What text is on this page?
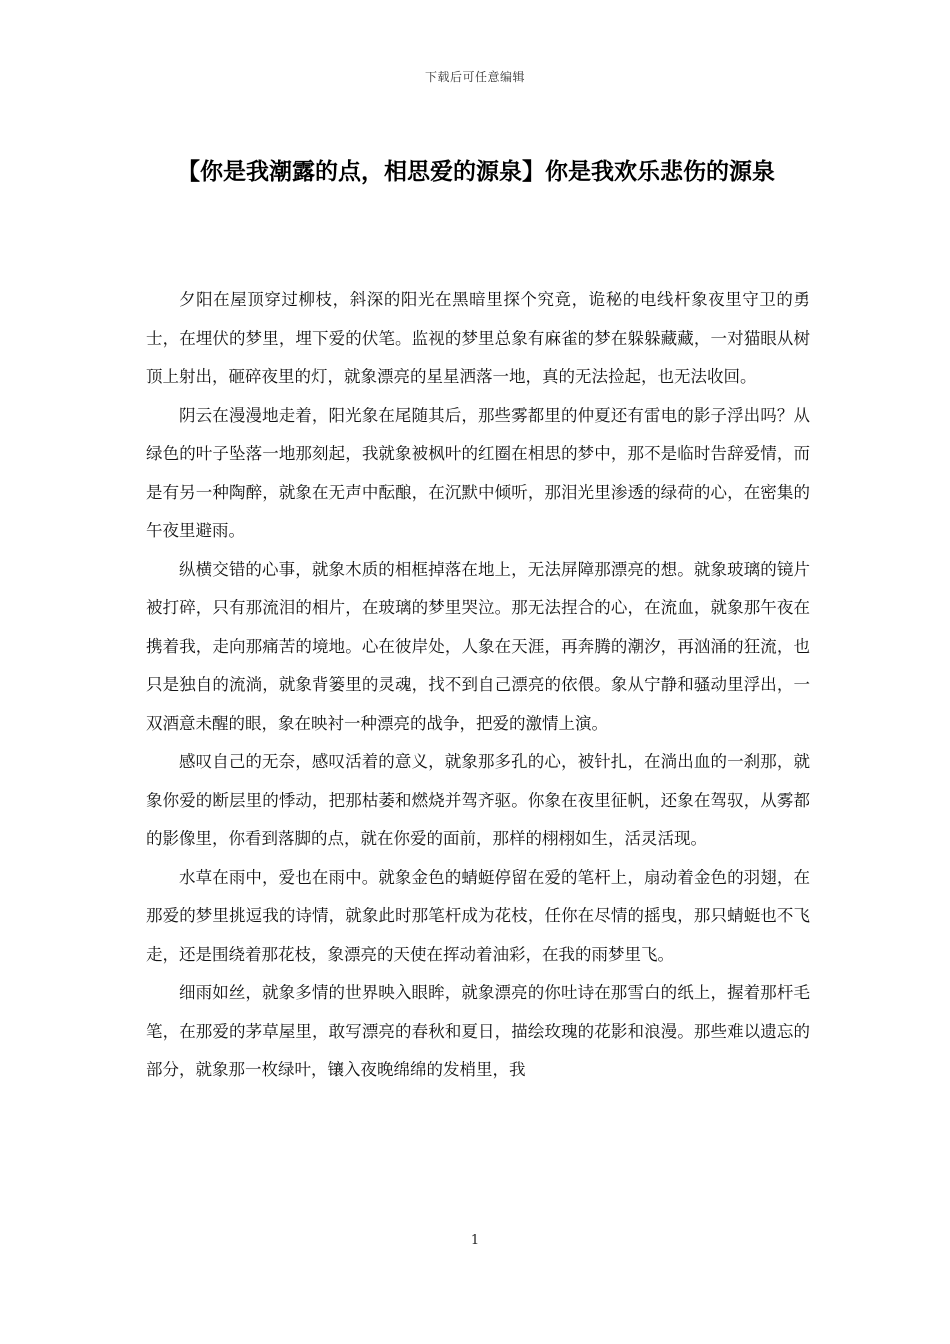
下载后可任意编辑
【你是我潮露的点，相思爱的源泉】你是我欢乐悲伤的源泉

夕阳在屋顶穿过柳枝，斜深的阳光在黑暗里探个究竟，诡秘的电线杆象夜里守卫的勇士，在埋伏的梦里，埋下爱的伏笔。监视的梦里总象有麻雀的梦在躲躲藏藏，一对猫眼从树顶上射出，砸碎夜里的灯，就象漂亮的星星洒落一地，真的无法捡起，也无法收回。

阴云在漫漫地走着，阳光象在尾随其后，那些雾都里的仲夏还有雷电的影子浮出吗？从绿色的叶子坠落一地那刻起，我就象被枫叶的红圈在相思的梦中，那不是临时告辞爱情，而是有另一种陶醉，就象在无声中酝酿，在沉默中倾听，那泪光里渗透的绿荷的心，在密集的午夜里避雨。

纵横交错的心事，就象木质的相框掉落在地上，无法屏障那漂亮的想。就象玻璃的镜片被打碎，只有那流泪的相片，在玻璃的梦里哭泣。那无法捏合的心，在流血，就象那午夜在携着我，走向那痛苦的境地。心在彼岸处，人象在天涯，再奔腾的潮汐，再汹涌的狂流，也只是独自的流淌，就象背篓里的灵魂，找不到自己漂亮的依偎。象从宁静和骚动里浮出，一双酒意未醒的眼，象在映衬一种漂亮的战争，把爱的激情上演。

感叹自己的无奈，感叹活着的意义，就象那多孔的心，被针扎，在淌出血的一刹那，就象你爱的断层里的悸动，把那枯萎和燃烧并驾齐驱。你象在夜里征帆，还象在驾驭，从雾都的影像里，你看到落脚的点，就在你爱的面前，那样的栩栩如生，活灵活现。

水草在雨中，爱也在雨中。就象金色的蜻蜓停留在爱的笔杆上，扇动着金色的羽翅，在那爱的梦里挑逗我的诗情，就象此时那笔杆成为花枝，任你在尽情的摇曳，那只蜻蜓也不飞走，还是围绕着那花枝，象漂亮的天使在挥动着油彩，在我的雨梦里飞。

细雨如丝，就象多情的世界映入眼眸，就象漂亮的你吐诗在那雪白的纸上，握着那杆毛笔，在那爱的茅草屋里，敢写漂亮的春秋和夏日，描绘玫瑰的花影和浪漫。那些难以遗忘的部分，就象那一枚绿叶，镶入夜晚绵绵的发梢里，我

1
